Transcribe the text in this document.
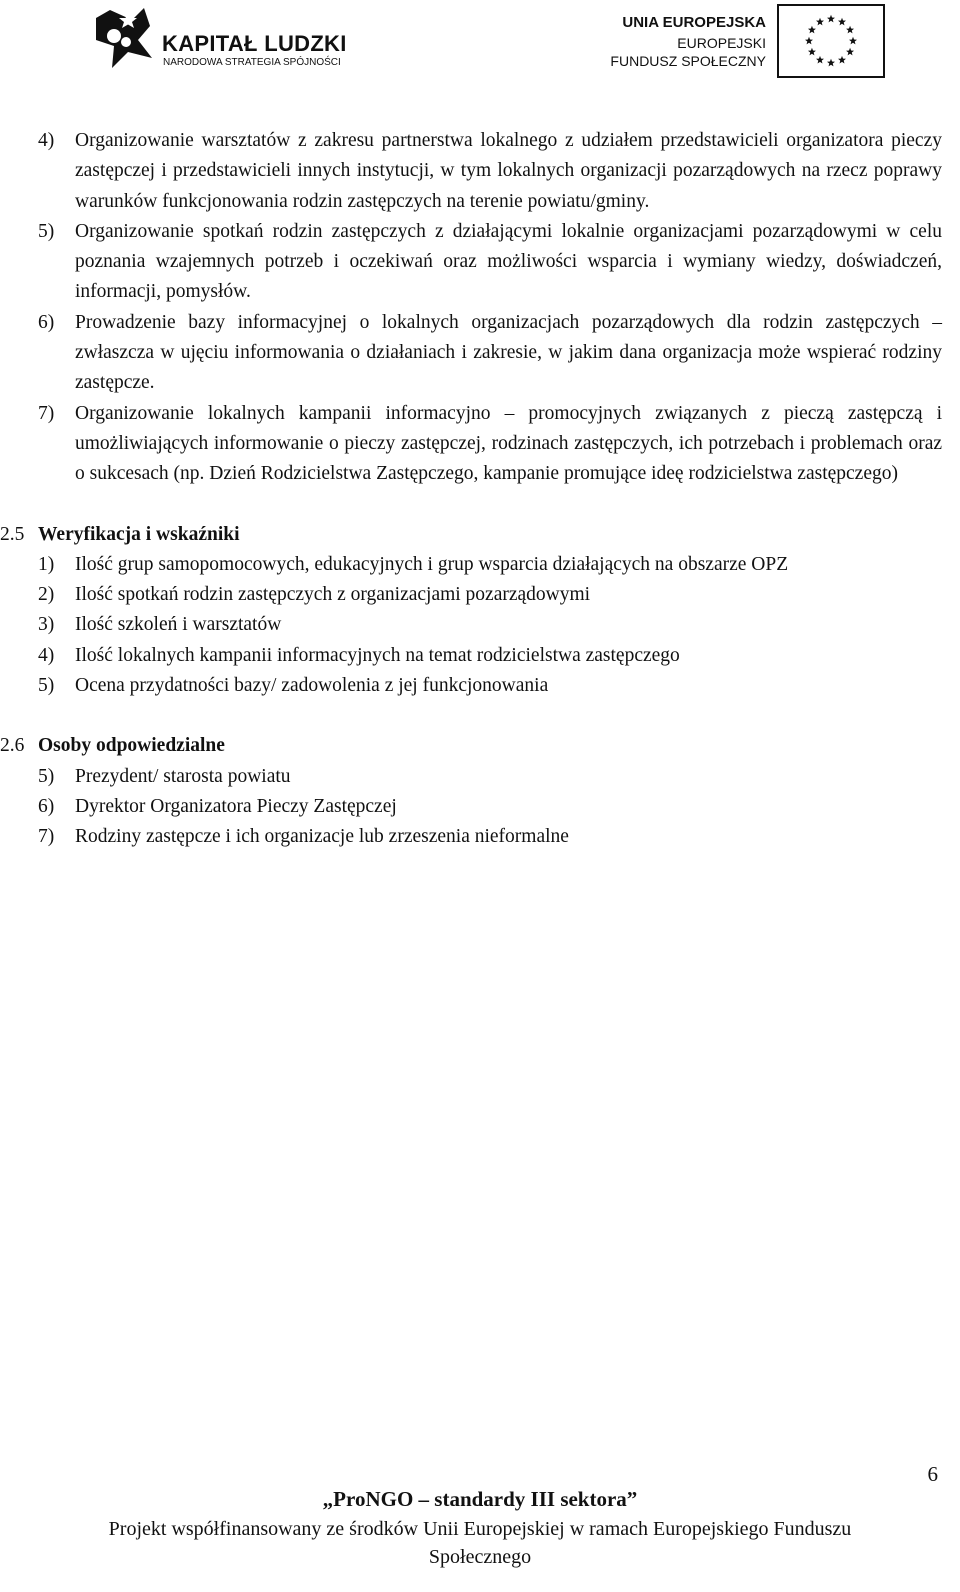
KAPITAŁ LUDZKI
NARODOWA STRATEGIA SPÓJNOŚCI
UNIA EUROPEJSKA
EUROPEJSKI
FUNDUSZ SPOŁECZNY
4)	Organizowanie warsztatów z zakresu partnerstwa lokalnego z udziałem przedstawicieli organizatora pieczy zastępczej i przedstawicieli innych instytucji, w tym lokalnych organizacji pozarządowych na rzecz poprawy warunków funkcjonowania rodzin zastępczych na terenie powiatu/gminy.
5)	Organizowanie spotkań rodzin zastępczych z działającymi lokalnie organizacjami pozarządowymi w celu poznania wzajemnych potrzeb i oczekiwań oraz możliwości wsparcia i wymiany wiedzy, doświadczeń, informacji, pomysłów.
6)	Prowadzenie bazy informacyjnej o lokalnych organizacjach pozarządowych dla rodzin zastępczych – zwłaszcza w ujęciu informowania o działaniach i zakresie, w jakim dana organizacja może wspierać rodziny zastępcze.
7)	Organizowanie lokalnych kampanii informacyjno – promocyjnych związanych z pieczą zastępczą i umożliwiających informowanie o pieczy zastępczej, rodzinach zastępczych, ich potrzebach i problemach oraz o sukcesach (np. Dzień Rodzicielstwa Zastępczego, kampanie promujące ideę rodzicielstwa zastępczego)
2.5 Weryfikacja i wskaźniki
1)	Ilość grup samopomocowych, edukacyjnych i grup wsparcia działających na obszarze OPZ
2)	Ilość spotkań rodzin zastępczych z organizacjami pozarządowymi
3)	Ilość szkoleń i warsztatów
4)	Ilość lokalnych kampanii informacyjnych na temat rodzicielstwa zastępczego
5)	Ocena przydatności bazy/ zadowolenia z jej funkcjonowania
2.6 Osoby odpowiedzialne
5)	Prezydent/ starosta powiatu
6)	Dyrektor Organizatora Pieczy Zastępczej
7)	Rodziny zastępcze i ich organizacje lub zrzeszenia nieformalne
6
„ProNGO – standardy III sektora”
Projekt współfinansowany ze środków Unii Europejskiej w ramach Europejskiego Funduszu
Społecznego
